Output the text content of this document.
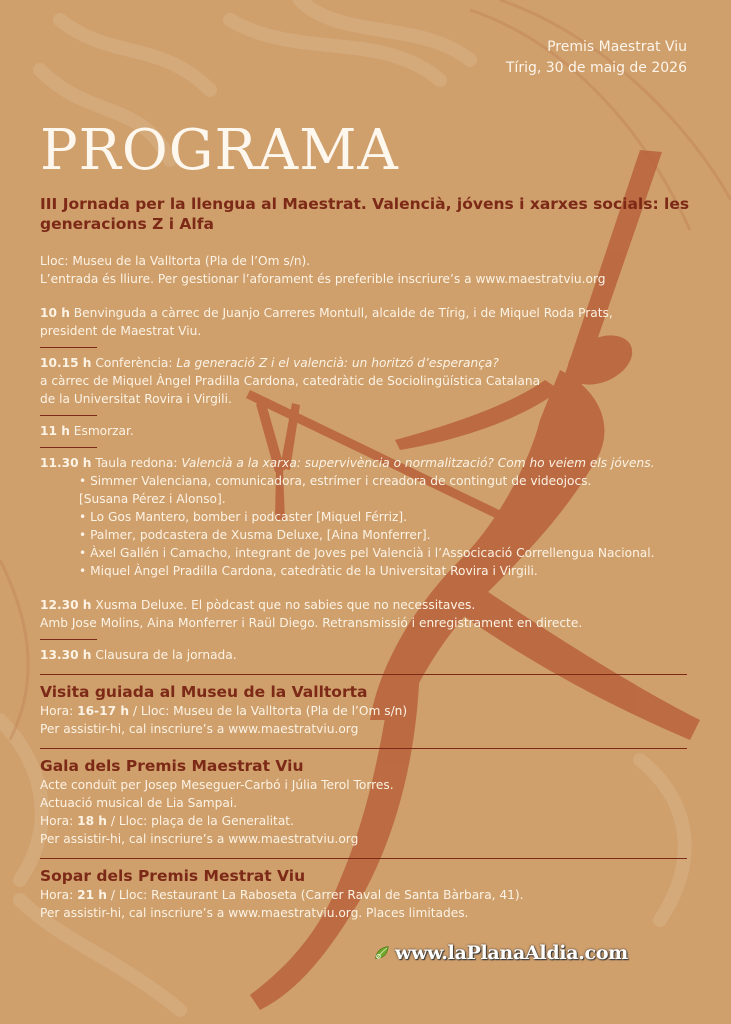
Premis Maestrat Viu
Tírig, 30 de maig de 2026
PROGRAMA
III Jornada per la llengua al Maestrat. Valencià, jóvens i xarxes socials: les generacions Z i Alfa

Lloc: Museu de la Valltorta (Pla de l’Om s/n).

L’entrada és lliure. Per gestionar l’aforament és preferible inscriure’s a www.maestratviu.org

10 h Benvinguda a càrrec de Juanjo Carreres Montull, alcalde de Tírig, i de Miquel Roda Prats,

president de Maestrat Viu.

10.15 h Conferència: La generació Z i el valencià: un horitzó d’esperança?

a càrrec de Miquel Àngel Pradilla Cardona, catedràtic de Sociolingüística Catalana

de la Universitat Rovira i Virgili.

11 h Esmorzar.

11.30 h Taula redona: Valencià a la xarxa: supervivència o normalització? Com ho veiem els jóvens.

• Simmer Valenciana, comunicadora, estrímer i creadora de contingut de videojocs.
[Susana Pérez i Alonso].
• Lo Gos Mantero, bomber i podcaster [Miquel Férriz].
• Palmer, podcastera de Xusma Deluxe, [Aina Monferrer].
• Àxel Gallén i Camacho, integrant de Joves pel Valencià i l’Associcació Correllengua Nacional.
• Miquel Àngel Pradilla Cardona, catedràtic de la Universitat Rovira i Virgili.

12.30 h Xusma Deluxe. El pòdcast que no sabies que no necessitaves.

Amb Jose Molins, Aina Monferrer i Raül Diego. Retransmissió i enregistrament en directe.

13.30 h Clausura de la jornada.

Visita guiada al Museu de la Valltorta

Hora: 16-17 h / Lloc: Museu de la Valltorta (Pla de l’Om s/n)

Per assistir-hi, cal inscriure’s a www.maestratviu.org

Gala dels Premis Maestrat Viu

Acte conduït per Josep Meseguer-Carbó i Júlia Terol Torres.

Actuació musical de Lia Sampai.

Hora: 18 h / Lloc: plaça de la Generalitat.

Per assistir-hi, cal inscriure’s a www.maestratviu.org

Sopar dels Premis Mestrat Viu

Hora: 21 h / Lloc: Restaurant La Raboseta (Carrer Raval de Santa Bàrbara, 41).

Per assistir-hi, cal inscriure’s a www.maestratviu.org. Places limitades.

www.laPlanaAldia.com
